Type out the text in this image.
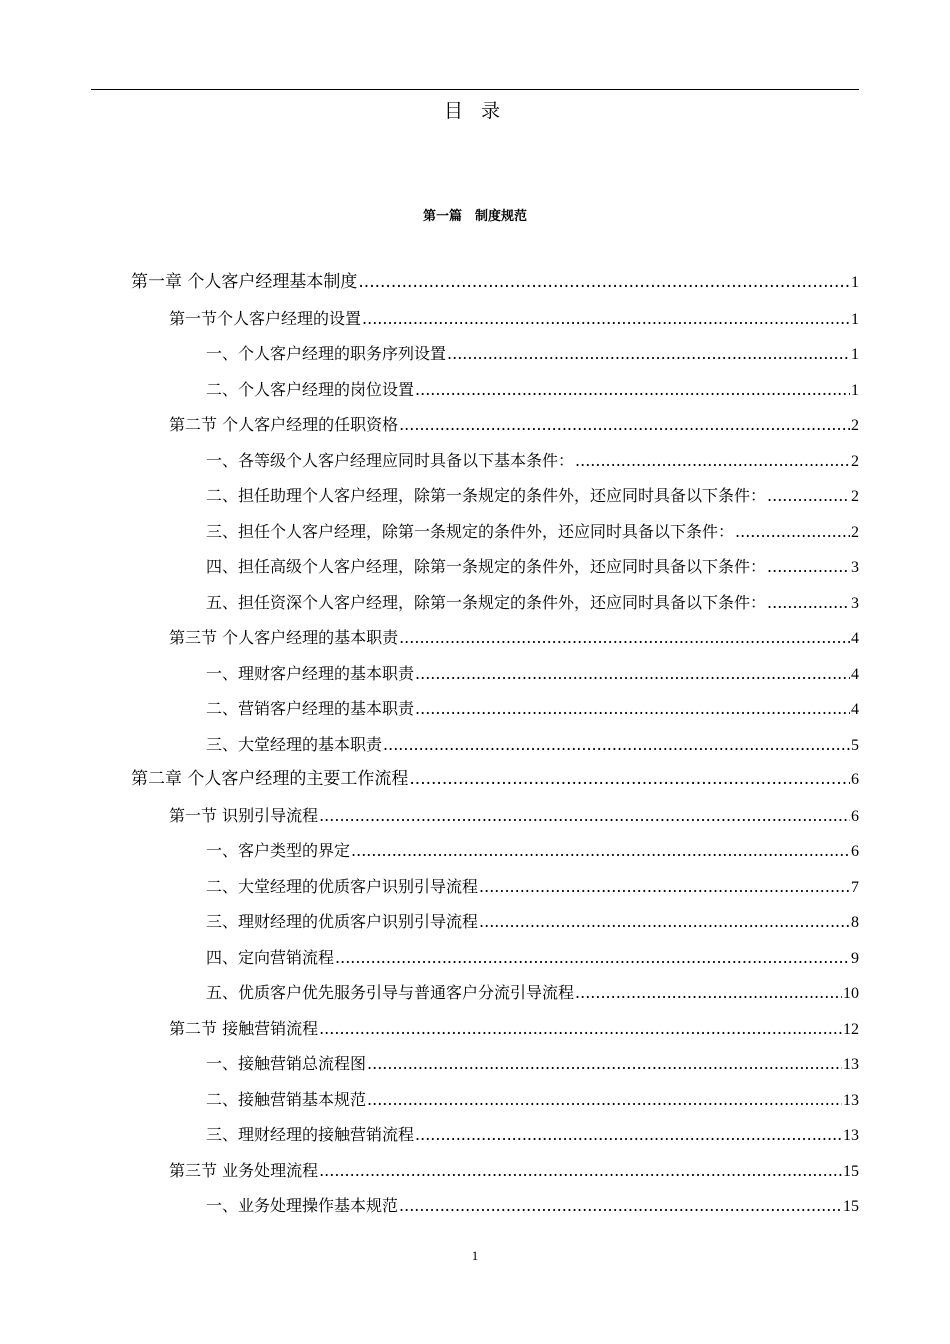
目 录
第一篇　制度规范
第一章 个人客户经理基本制度 .....	1
第一节个人客户经理的设置 .....	1
一、个人客户经理的职务序列设置 .....	1
二、个人客户经理的岗位设置 .....	1
第二节 个人客户经理的任职资格 .....	2
一、各等级个人客户经理应同时具备以下基本条件： .....	2
二、担任助理个人客户经理，除第一条规定的条件外，还应同时具备以下条件： .....	2
三、担任个人客户经理，除第一条规定的条件外，还应同时具备以下条件： .....	2
四、担任高级个人客户经理，除第一条规定的条件外，还应同时具备以下条件： .....	3
五、担任资深个人客户经理，除第一条规定的条件外，还应同时具备以下条件： .....	3
第三节 个人客户经理的基本职责 .....	4
一、理财客户经理的基本职责 .....	4
二、营销客户经理的基本职责 .....	4
三、大堂经理的基本职责 .....	5
第二章 个人客户经理的主要工作流程 .....	6
第一节 识别引导流程 .....	6
一、客户类型的界定 .....	6
二、大堂经理的优质客户识别引导流程 .....	7
三、理财经理的优质客户识别引导流程 .....	8
四、定向营销流程 .....	9
五、优质客户优先服务引导与普通客户分流引导流程 .....	10
第二节 接触营销流程 .....	12
一、接触营销总流程图 .....	13
二、接触营销基本规范 .....	13
三、理财经理的接触营销流程 .....	13
第三节 业务处理流程 .....	15
一、业务处理操作基本规范 .....	15
1
